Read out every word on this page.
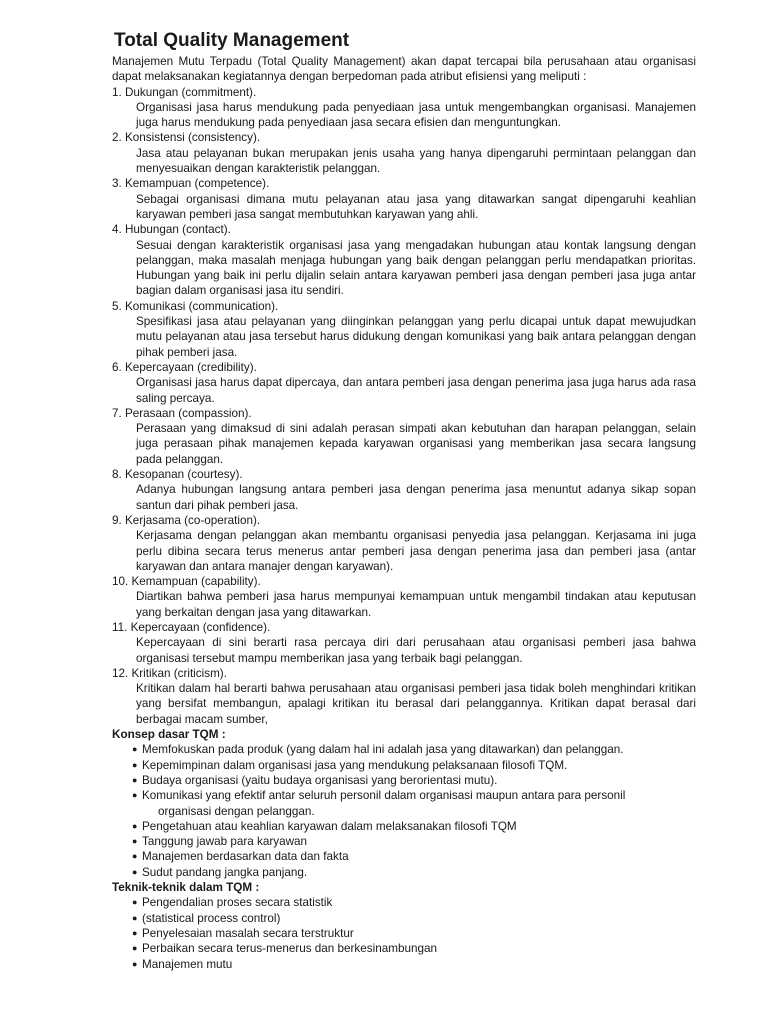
Total Quality Management

Manajemen Mutu Terpadu (Total Quality Management) akan dapat tercapai bila perusahaan atau organisasi dapat melaksanakan kegiatannya dengan berpedoman pada atribut efisiensi yang meliputi :

1. Dukungan (commitment).

Organisasi jasa harus mendukung pada penyediaan jasa untuk mengembangkan organisasi. Manajemen juga harus mendukung pada penyediaan jasa secara efisien dan menguntungkan.

2. Konsistensi (consistency).

Jasa atau pelayanan bukan merupakan jenis usaha yang hanya dipengaruhi permintaan pelanggan dan menyesuaikan dengan karakteristik pelanggan.

3. Kemampuan (competence).

Sebagai organisasi dimana mutu pelayanan atau jasa yang ditawarkan sangat dipengaruhi keahlian karyawan pemberi jasa sangat membutuhkan karyawan yang ahli.

4. Hubungan (contact).

Sesuai dengan karakteristik organisasi jasa yang mengadakan hubungan atau kontak langsung dengan pelanggan, maka masalah menjaga hubungan yang baik dengan pelanggan perlu mendapatkan prioritas. Hubungan yang baik ini perlu dijalin selain antara karyawan pemberi jasa dengan pemberi jasa juga antar bagian dalam organisasi jasa itu sendiri.

5. Komunikasi (communication).

Spesifikasi jasa atau pelayanan yang diinginkan pelanggan yang perlu dicapai untuk dapat mewujudkan mutu pelayanan atau jasa tersebut harus didukung dengan komunikasi yang baik antara pelanggan dengan pihak pemberi jasa.

6. Kepercayaan (credibility).

Organisasi jasa harus dapat dipercaya, dan antara pemberi jasa dengan penerima jasa juga harus ada rasa saling percaya.

7. Perasaan (compassion).

Perasaan yang dimaksud di sini adalah perasan simpati akan kebutuhan dan harapan pelanggan, selain juga perasaan pihak manajemen kepada karyawan organisasi yang memberikan jasa secara langsung pada pelanggan.

8. Kesopanan (courtesy).

Adanya hubungan langsung antara pemberi jasa dengan penerima jasa menuntut adanya sikap sopan santun dari pihak pemberi jasa.

9. Kerjasama (co-operation).

Kerjasama dengan pelanggan akan membantu organisasi penyedia jasa pelanggan. Kerjasama ini juga perlu dibina secara terus menerus antar pemberi jasa dengan penerima jasa dan pemberi jasa (antar karyawan dan antara manajer dengan karyawan).

10. Kemampuan (capability).

Diartikan bahwa pemberi jasa harus mempunyai kemampuan untuk mengambil tindakan atau keputusan yang berkaitan dengan jasa yang ditawarkan.

11. Kepercayaan (confidence).

Kepercayaan di sini berarti rasa percaya diri dari perusahaan atau organisasi pemberi jasa bahwa organisasi tersebut mampu memberikan jasa yang terbaik bagi pelanggan.

12. Kritikan (criticism).

Kritikan dalam hal berarti bahwa perusahaan atau organisasi pemberi jasa tidak boleh menghindari kritikan yang bersifat membangun, apalagi kritikan itu berasal dari pelanggannya. Kritikan dapat berasal dari berbagai macam sumber,

Konsep dasar TQM :

● Memfokuskan pada produk (yang dalam hal ini adalah jasa yang ditawarkan) dan pelanggan.
● Kepemimpinan dalam organisasi jasa yang mendukung pelaksanaan filosofi TQM.
● Budaya organisasi (yaitu budaya organisasi yang berorientasi mutu).
● Komunikasi yang efektif antar seluruh personil dalam organisasi maupun antara para personil
organisasi dengan pelanggan.
● Pengetahuan atau keahlian karyawan dalam melaksanakan filosofi TQM
● Tanggung jawab para karyawan
● Manajemen berdasarkan data dan fakta
● Sudut pandang jangka panjang.

Teknik-teknik dalam TQM :

● Pengendalian proses secara statistik
● (statistical process control)
● Penyelesaian masalah secara terstruktur
● Perbaikan secara terus-menerus dan berkesinambungan
● Manajemen mutu
